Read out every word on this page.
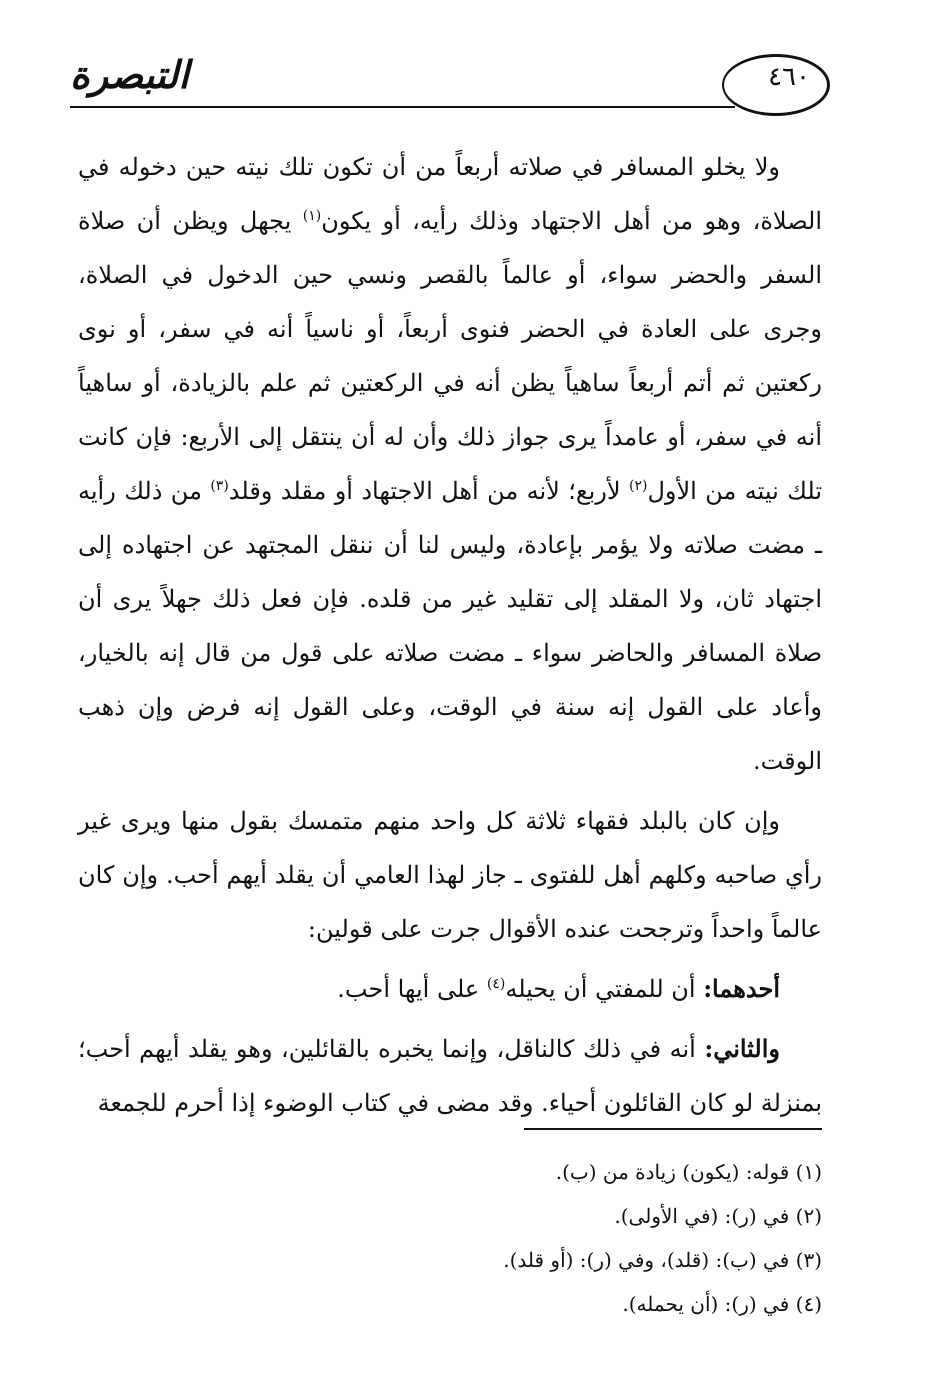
التبصرة	٤٦٠

ولا يخلو المسافر في صلاته أربعاً من أن تكون تلك نيته حين دخوله في الصلاة، وهو من أهل الاجتهاد وذلك رأيه، أو يكون$^{(١)}$ يجهل ويظن أن صلاة السفر والحضر سواء، أو عالماً بالقصر ونسي حين الدخول في الصلاة، وجرى على العادة في الحضر فنوى أربعاً، أو ناسياً أنه في سفر، أو نوى ركعتين ثم أتم أربعاً ساهياً يظن أنه في الركعتين ثم علم بالزيادة، أو ساهياً أنه في سفر، أو عامداً يرى جواز ذلك وأن له أن ينتقل إلى الأربع: فإن كانت تلك نيته من الأول$^{(٢)}$ لأربع؛ لأنه من أهل الاجتهاد أو مقلد وقلد$^{(٣)}$ من ذلك رأيه ـ مضت صلاته ولا يؤمر بإعادة، وليس لنا أن ننقل المجتهد عن اجتهاده إلى اجتهاد ثان، ولا المقلد إلى تقليد غير من قلده. فإن فعل ذلك جهلاً يرى أن صلاة المسافر والحاضر سواء ـ مضت صلاته على قول من قال إنه بالخيار، وأعاد على القول إنه سنة في الوقت، وعلى القول إنه فرض وإن ذهب الوقت.

وإن كان بالبلد فقهاء ثلاثة كل واحد منهم متمسك بقول منها ويرى غير رأي صاحبه وكلهم أهل للفتوى ـ جاز لهذا العامي أن يقلد أيهم أحب. وإن كان عالماً واحداً وترجحت عنده الأقوال جرت على قولين:

أحدهما: أن للمفتي أن يحيله$^{(٤)}$ على أيها أحب.

والثاني: أنه في ذلك كالناقل، وإنما يخبره بالقائلين، وهو يقلد أيهم أحب؛ بمنزلة لو كان القائلون أحياء. وقد مضى في كتاب الوضوء إذا أحرم للجمعة

(١) قوله: (يكون) زيادة من (ب).
(٢) في (ر): (في الأولى).
(٣) في (ب): (قلد)، وفي (ر): (أو قلد).
(٤) في (ر): (أن يحمله).
